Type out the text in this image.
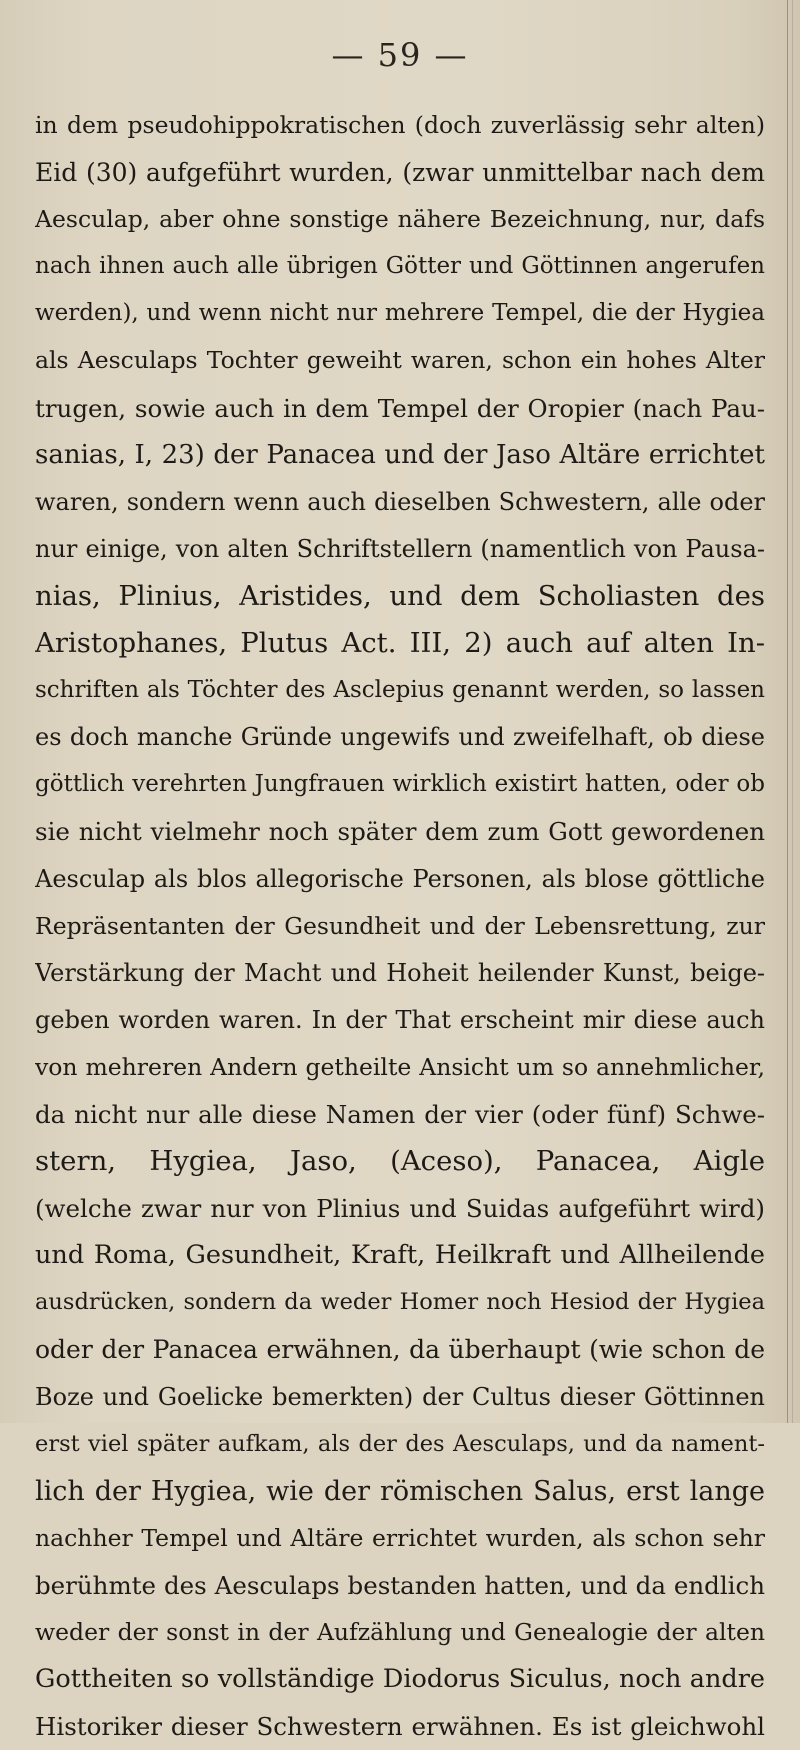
— 59 —
in dem pseudohippokratischen (doch zuverlässig sehr alten)
Eid (30) aufgeführt wurden, (zwar unmittelbar nach dem
Aesculap, aber ohne sonstige nähere Bezeichnung, nur, dafs
nach ihnen auch alle übrigen Götter und Göttinnen angerufen
werden), und wenn nicht nur mehrere Tempel, die der Hygiea
als Aesculaps Tochter geweiht waren, schon ein hohes Alter
trugen, sowie auch in dem Tempel der Oropier (nach Pau-
sanias, I, 23) der Panacea und der Jaso Altäre errichtet
waren, sondern wenn auch dieselben Schwestern, alle oder
nur einige, von alten Schriftstellern (namentlich von Pausa-
nias, Plinius, Aristides, und dem Scholiasten des
Aristophanes, Plutus Act. III, 2) auch auf alten In-
schriften als Töchter des Asclepius genannt werden, so lassen
es doch manche Gründe ungewifs und zweifelhaft, ob diese
göttlich verehrten Jungfrauen wirklich existirt hatten, oder ob
sie nicht vielmehr noch später dem zum Gott gewordenen
Aesculap als blos allegorische Personen, als blose göttliche
Repräsentanten der Gesundheit und der Lebensrettung, zur
Verstärkung der Macht und Hoheit heilender Kunst, beige-
geben worden waren. In der That erscheint mir diese auch
von mehreren Andern getheilte Ansicht um so annehmlicher,
da nicht nur alle diese Namen der vier (oder fünf) Schwe-
stern, Hygiea, Jaso, (Aceso), Panacea, Aigle
(welche zwar nur von Plinius und Suidas aufgeführt wird)
und Roma, Gesundheit, Kraft, Heilkraft und Allheilende
ausdrücken, sondern da weder Homer noch Hesiod der Hygiea
oder der Panacea erwähnen, da überhaupt (wie schon de
Boze und Goelicke bemerkten) der Cultus dieser Göttinnen
erst viel später aufkam, als der des Aesculaps, und da nament-
lich der Hygiea, wie der römischen Salus, erst lange
nachher Tempel und Altäre errichtet wurden, als schon sehr
berühmte des Aesculaps bestanden hatten, und da endlich
weder der sonst in der Aufzählung und Genealogie der alten
Gottheiten so vollständige Diodorus Siculus, noch andre
Historiker dieser Schwestern erwähnen. Es ist gleichwohl
